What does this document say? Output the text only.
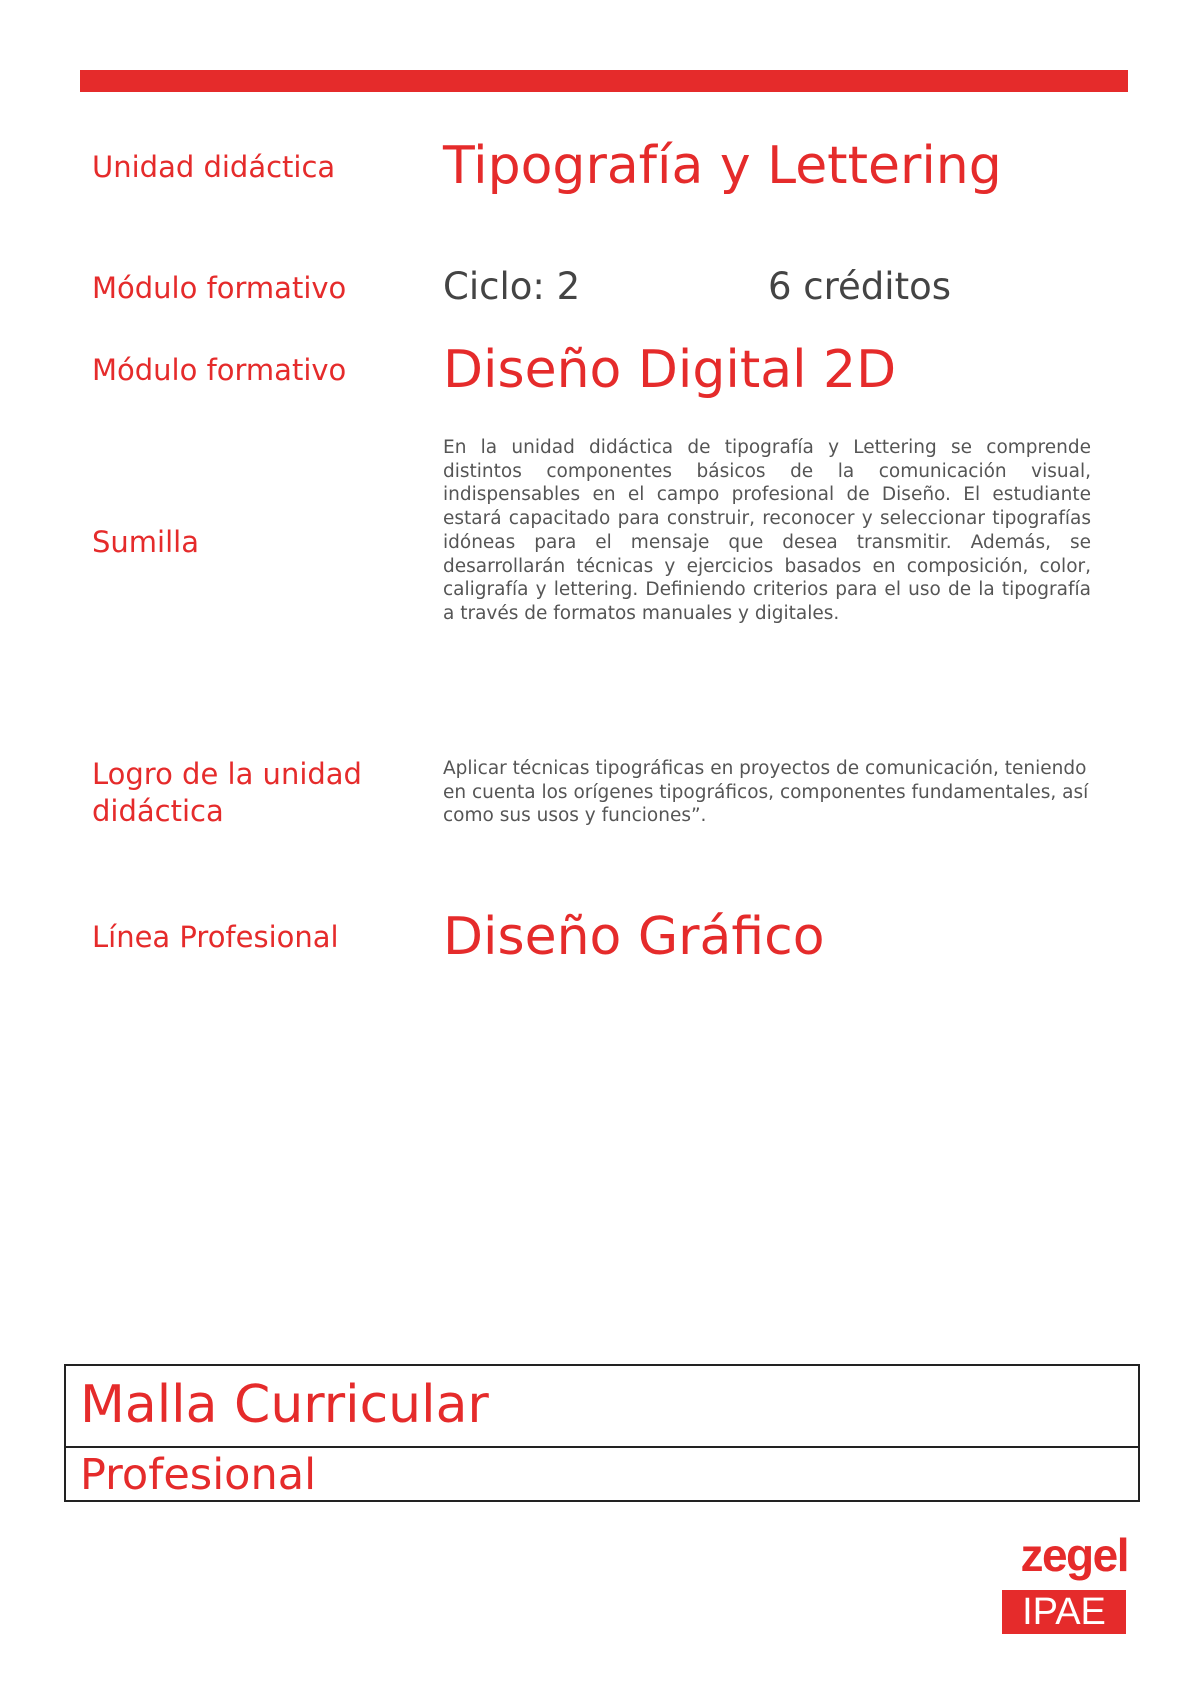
Unidad didáctica Tipografía y Lettering
Módulo formativo	Ciclo: 2	6 créditos
Módulo formativo Diseño Digital 2D
Sumilla

En la unidad didáctica de tipografía y Lettering se comprende distintos componentes básicos de la comunicación visual, indispensables en el campo profesional de Diseño. El estudiante estará capacitado para construir, reconocer y seleccionar tipografías idóneas para el mensaje que desea transmitir. Además, se desarrollarán técnicas y ejercicios basados en composición, color, caligrafía y lettering. Definiendo criterios para el uso de la tipografía a través de formatos manuales y digitales.

Logro de la unidad
didáctica

Aplicar técnicas tipográficas en proyectos de comunicación, teniendo en cuenta los orígenes tipográficos, componentes fundamentales, así como sus usos y funciones”.

Línea Profesional Diseño Gráfico
Malla Curricular
Profesional
zegel
IPAE
